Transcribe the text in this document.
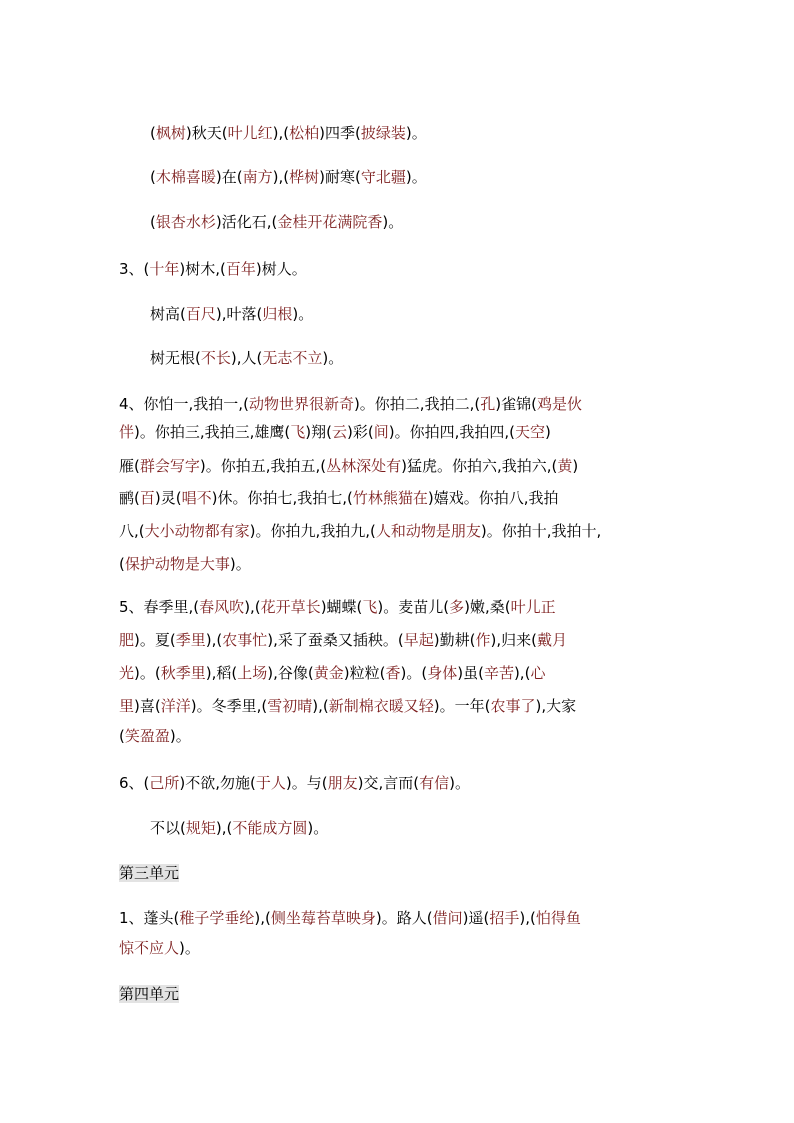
(枫树)秋天(叶儿红),(松柏)四季(披绿装)。

(木棉喜暖)在(南方),(桦树)耐寒(守北疆)。

(银杏水杉)活化石,(金桂开花满院香)。

3、(十年)树木,(百年)树人。

树高(百尺),叶落(归根)。

树无根(不长),人(无志不立)。

4、你怕一,我拍一,(动物世界很新奇)。你拍二,我拍二,(孔)雀锦(鸡是伙

伴)。你拍三,我拍三,雄鹰(飞)翔(云)彩(间)。你拍四,我拍四,(天空)

雁(群会写字)。你拍五,我拍五,(丛林深处有)猛虎。你拍六,我拍六,(黄)

鹂(百)灵(唱不)休。你拍七,我拍七,(竹林熊猫在)嬉戏。你拍八,我拍

八,(大小动物都有家)。你拍九,我拍九,(人和动物是朋友)。你拍十,我拍十,

(保护动物是大事)。

5、春季里,(春风吹),(花开草长)蝴蝶(飞)。麦苗儿(多)嫩,桑(叶儿正

肥)。夏(季里),(农事忙),采了蚕桑又插秧。(早起)勤耕(作),归来(戴月

光)。(秋季里),稻(上场),谷像(黄金)粒粒(香)。(身体)虽(辛苦),(心

里)喜(洋洋)。冬季里,(雪初晴),(新制棉衣暖又轻)。一年(农事了),大家

(笑盈盈)。

6、(己所)不欲,勿施(于人)。与(朋友)交,言而(有信)。

不以(规矩),(不能成方圆)。

第三单元

1、蓬头(稚子学垂纶),(侧坐莓苔草映身)。路人(借问)遥(招手),(怕得鱼

惊不应人)。

第四单元
